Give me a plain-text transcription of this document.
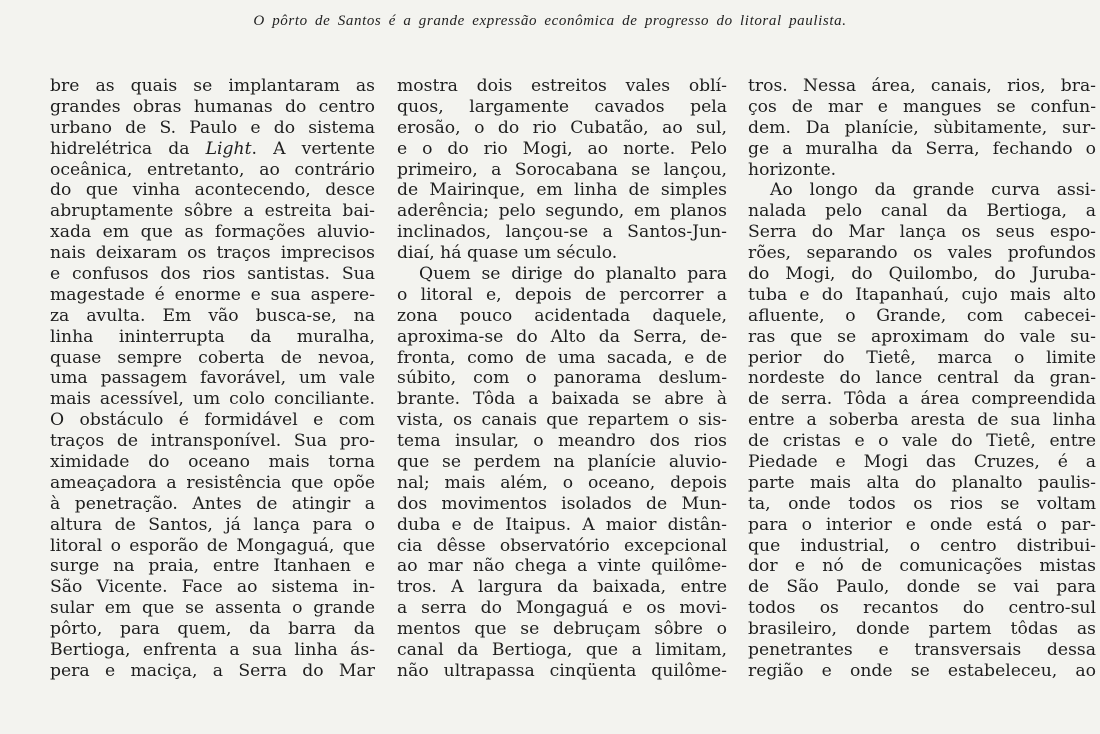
O pôrto de Santos é a grande expressão econômica de progresso do litoral paulista.
bre as quais se implantaram as
grandes obras humanas do centro
urbano de S. Paulo e do sistema
hidrelétrica da Light. A vertente
oceânica, entretanto, ao contrário
do que vinha acontecendo, desce
abruptamente sôbre a estreita bai-
xada em que as formações aluvio-
nais deixaram os traços imprecisos
e confusos dos rios santistas. Sua
magestade é enorme e sua aspere-
za avulta. Em vão busca-se, na
linha ininterrupta da muralha,
quase sempre coberta de nevoa,
uma passagem favorável, um vale
mais acessível, um colo conciliante.
O obstáculo é formidável e com
traços de intransponível. Sua pro-
ximidade do oceano mais torna
ameaçadora a resistência que opõe
à penetração. Antes de atingir a
altura de Santos, já lança para o
litoral o esporão de Mongaguá, que
surge na praia, entre Itanhaen e
São Vicente. Face ao sistema in-
sular em que se assenta o grande
pôrto, para quem, da barra da
Bertioga, enfrenta a sua linha ás-
pera e maciça, a Serra do Mar
mostra dois estreitos vales oblí-
quos, largamente cavados pela
erosão, o do rio Cubatão, ao sul,
e o do rio Mogi, ao norte. Pelo
primeiro, a Sorocabana se lançou,
de Mairinque, em linha de simples
aderência; pelo segundo, em planos
inclinados, lançou-se a Santos-Jun-
diaí, há quase um século.
Quem se dirige do planalto para
o litoral e, depois de percorrer a
zona pouco acidentada daquele,
aproxima-se do Alto da Serra, de-
fronta, como de uma sacada, e de
súbito, com o panorama deslum-
brante. Tôda a baixada se abre à
vista, os canais que repartem o sis-
tema insular, o meandro dos rios
que se perdem na planície aluvio-
nal; mais além, o oceano, depois
dos movimentos isolados de Mun-
duba e de Itaipus. A maior distân-
cia dêsse observatório excepcional
ao mar não chega a vinte quilôme-
tros. A largura da baixada, entre
a serra do Mongaguá e os movi-
mentos que se debruçam sôbre o
canal da Bertioga, que a limitam,
não ultrapassa cinqüenta quilôme-
tros. Nessa área, canais, rios, bra-
ços de mar e mangues se confun-
dem. Da planície, sùbitamente, sur-
ge a muralha da Serra, fechando o
horizonte.
Ao longo da grande curva assi-
nalada pelo canal da Bertioga, a
Serra do Mar lança os seus espo-
rões, separando os vales profundos
do Mogi, do Quilombo, do Juruba-
tuba e do Itapanhaú, cujo mais alto
afluente, o Grande, com cabecei-
ras que se aproximam do vale su-
perior do Tietê, marca o limite
nordeste do lance central da gran-
de serra. Tôda a área compreendida
entre a soberba aresta de sua linha
de cristas e o vale do Tietê, entre
Piedade e Mogi das Cruzes, é a
parte mais alta do planalto paulis-
ta, onde todos os rios se voltam
para o interior e onde está o par-
que industrial, o centro distribui-
dor e nó de comunicações mistas
de São Paulo, donde se vai para
todos os recantos do centro-sul
brasileiro, donde partem tôdas as
penetrantes e transversais dessa
região e onde se estabeleceu, ao
